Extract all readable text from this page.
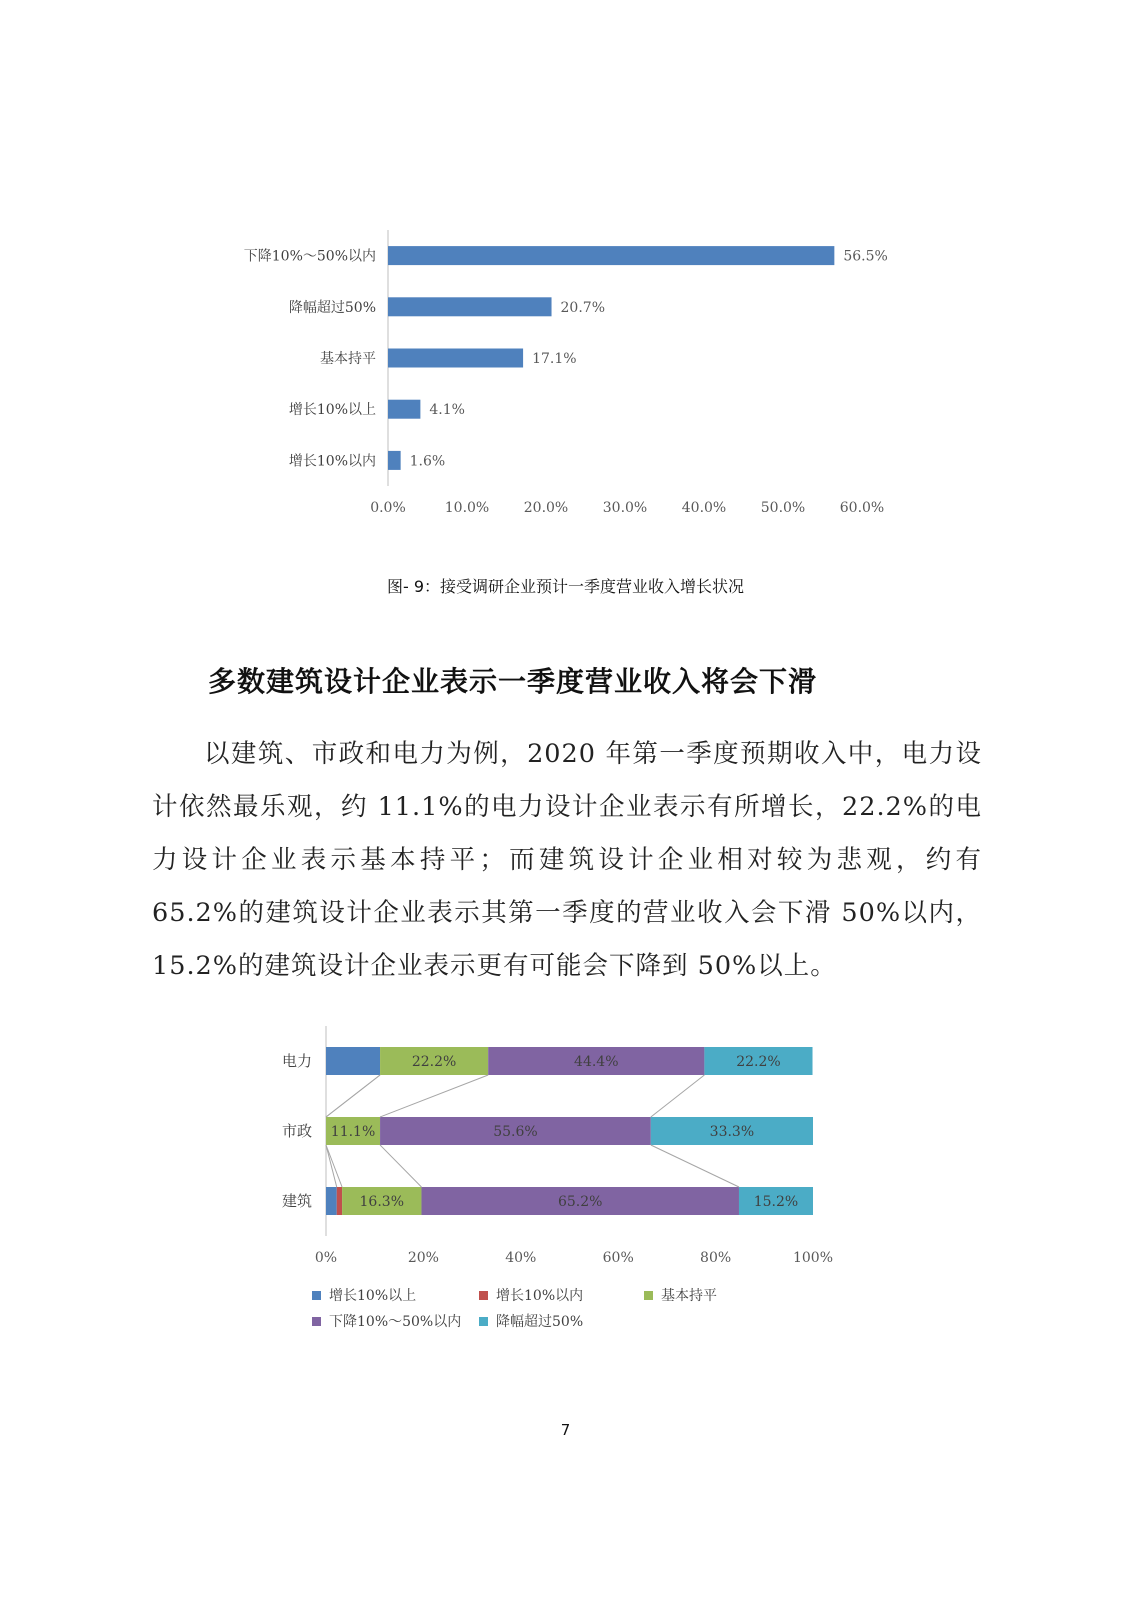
下降10%～50%以内	56.5%
降幅超过50%	20.7%
基本持平	17.1%
增长10%以上	4.1%
增长10%以内 1.6%
0.0%	10.0% 20.0% 30.0% 40.0% 50.0% 60.0%
图- 9：接受调研企业预计一季度营业收入增长状况
多数建筑设计企业表示一季度营业收入将会下滑
以建筑、市政和电力为例，2020 年第一季度预期收入中，电力设计依然最乐观，约 11.1%的电力设计企业表示有所增长，22.2%的电力设计企业表示基本持平；而建筑设计企业相对较为悲观，约有 65.2%的建筑设计企业表示其第一季度的营业收入会下滑 50%以内，15.2%的建筑设计企业表示更有可能会下降到 50%以上。
电力	22.2%	44.4%	22.2%
市政 11.1%	55.6%	33.3%
建筑	16.3%	65.2%	15.2%
0%	20%	40%	60%	80%	100%
增长10%以上	增长10%以内	基本持平
下降10%～50%以内 降幅超过50%
7
